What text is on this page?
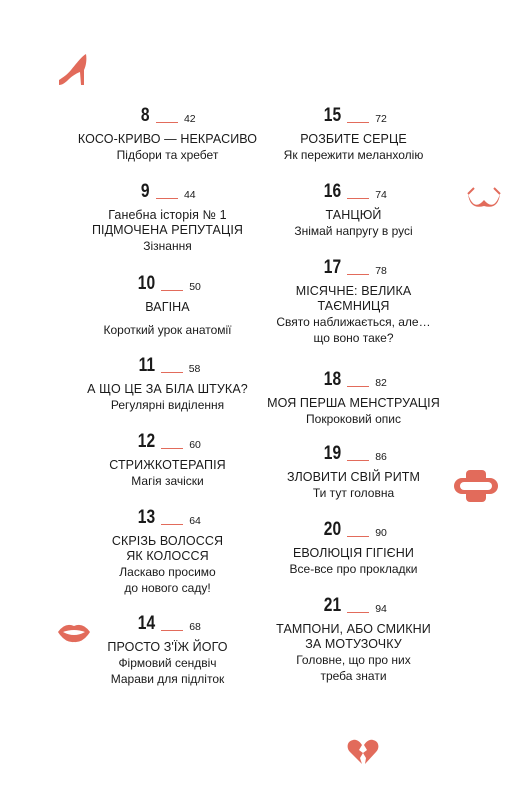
8	42
КОСО-КРИВО — НЕКРАСИВО
Підбори та хребет
9	44
Ганебна історія № 1
ПІДМОЧЕНА РЕПУТАЦІЯ
Зізнання
10	50
ВАГІНА
Короткий урок анатомії
11	58
А ЩО ЦЕ ЗА БІЛА ШТУКА?
Регулярні виділення
12	60
СТРИЖКОТЕРАПІЯ
Магія зачіски
13	64
СКРІЗЬ ВОЛОССЯ
ЯК КОЛОССЯ
Ласкаво просимо
до нового саду!
14	68
ПРОСТО З'ЇЖ ЙОГО
Фірмовий сендвіч
Марави для підліток
15	72
РОЗБИТЕ СЕРЦЕ
Як пережити меланхолію
16	74
ТАНЦЮЙ
Знімай напругу в русі
17	78
МІСЯЧНЕ: ВЕЛИКА
ТАЄМНИЦЯ
Свято наближається, але…
що воно таке?
18	82
МОЯ ПЕРША МЕНСТРУАЦІЯ
Покроковий опис
19	86
ЗЛОВИТИ СВІЙ РИТМ
Ти тут головна
20	90
ЕВОЛЮЦІЯ ГІГІЄНИ
Все-все про прокладки
21	94
ТАМПОНИ, АБО СМИКНИ
ЗА МОТУЗОЧКУ
Головне, що про них
треба знати
